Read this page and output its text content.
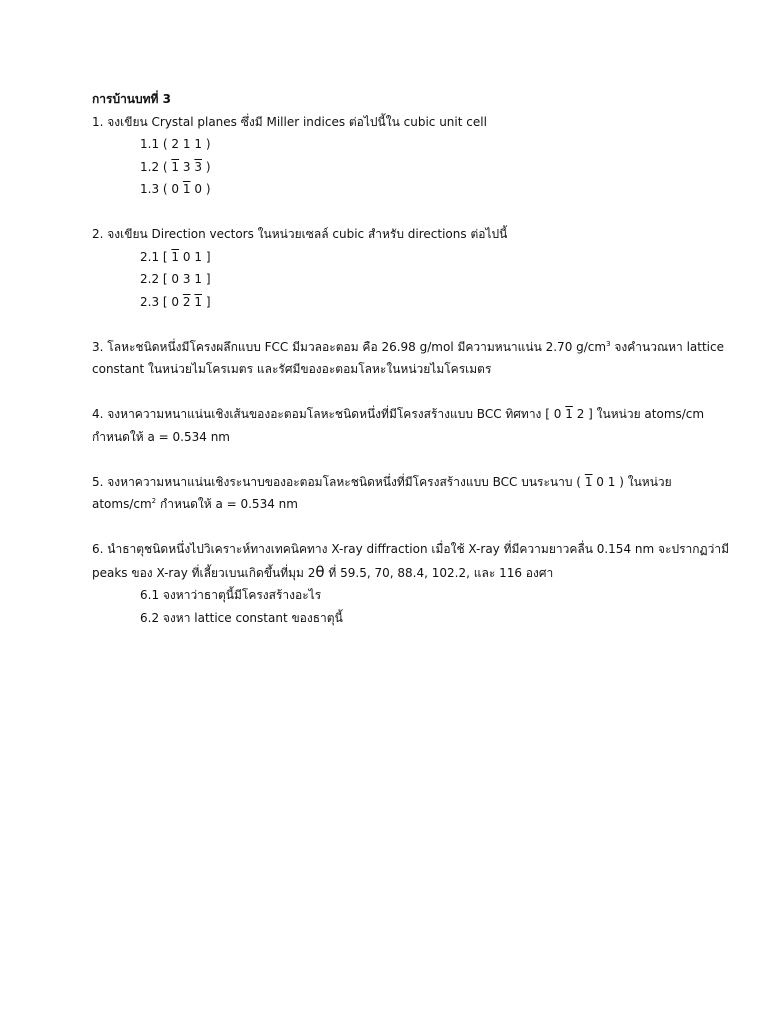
การบ้านบทที่ 3
1. จงเขียน Crystal planes ซึ่งมี Miller indices ต่อไปนี้ใน cubic unit cell
1.1 ( 2 1 1 )
1.2 ( 1 3 3 )
1.3 ( 0 1 0 )
2. จงเขียน Direction vectors ในหน่วยเซลล์ cubic สำหรับ directions ต่อไปนี้
2.1 [ 1 0 1 ]
2.2 [ 0 3 1 ]
2.3 [ 0 2 1 ]
3. โลหะชนิดหนึ่งมีโครงผลึกแบบ FCC มีมวลอะตอม คือ 26.98 g/mol มีความหนาแน่น 2.70 $g/cm^3$ จงคำนวณหา lattice
constant ในหน่วยไมโครเมตร และรัศมีของอะตอมโลหะในหน่วยไมโครเมตร
4. จงหาความหนาแน่นเชิงเส้นของอะตอมโลหะชนิดหนึ่งที่มีโครงสร้างแบบ BCC ทิศทาง [ 0 1 2 ] ในหน่วย atoms/cm
กำหนดให้ a = 0.534 nm
5. จงหาความหนาแน่นเชิงระนาบของอะตอมโลหะชนิดหนึ่งที่มีโครงสร้างแบบ BCC บนระนาบ ( 1 0 1 ) ในหน่วย
atoms/$cm^2$ กำหนดให้ a = 0.534 nm
6. นำธาตุชนิดหนึ่งไปวิเคราะห์ทางเทคนิคทาง X-ray diffraction เมื่อใช้ X-ray ที่มีความยาวคลื่น 0.154 nm จะปรากฏว่ามี
peaks ของ X-ray ที่เลี้ยวเบนเกิดขึ้นที่มุม 2θ ที่ 59.5, 70, 88.4, 102.2, และ 116 องศา
6.1 จงหาว่าธาตุนี้มีโครงสร้างอะไร
6.2 จงหา lattice constant ของธาตุนี้
